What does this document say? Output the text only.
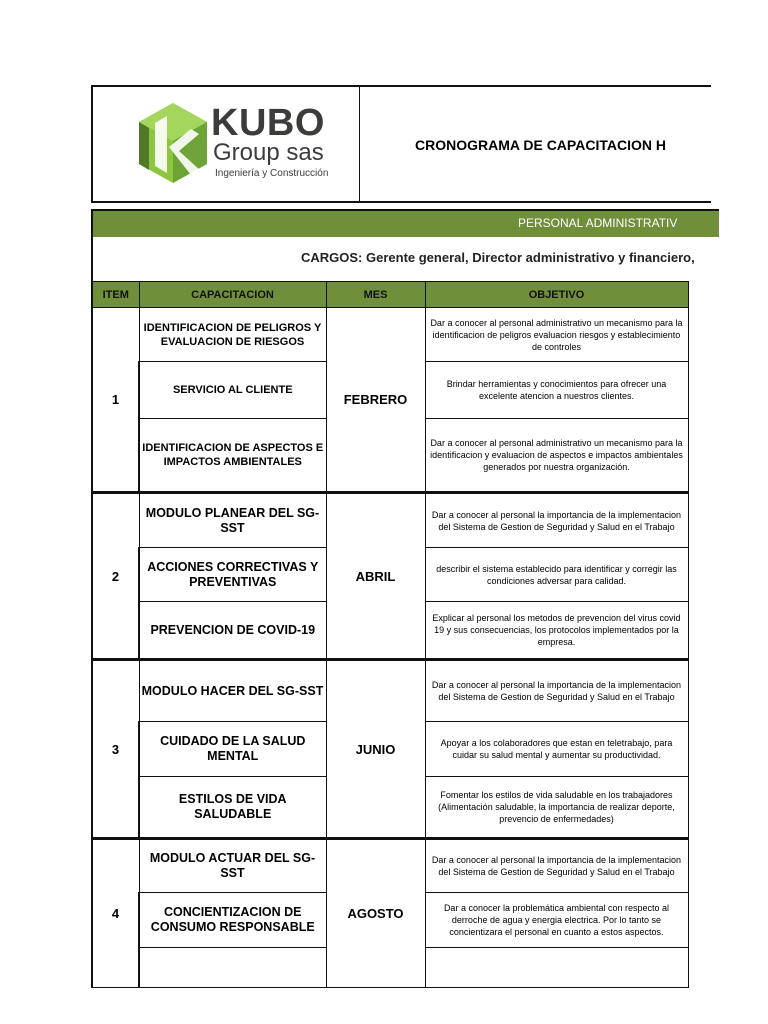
KUBO
Group sas
Ingeniería y Construcción
CRONOGRAMA DE CAPACITACION H
PERSONAL ADMINISTRATIV
CARGOS: Gerente general, Director administrativo y financiero,
ITEM	CAPACITACION	MES	OBJETIVO
1	IDENTIFICACION DE PELIGROS Y EVALUACION DE RIESGOS	FEBRERO	Dar a conocer al personal administrativo un mecanismo para la identificacion de peligros evaluacion riesgos y establecimiento de controles
	SERVICIO AL CLIENTE		Brindar herramientas y conocimientos para ofrecer una excelente atencion a nuestros clientes.
	IDENTIFICACION DE ASPECTOS E IMPACTOS AMBIENTALES		Dar a conocer al personal administrativo un mecanismo para la identificacion y evaluacion de aspectos e impactos ambientales generados por nuestra organización.
2	MODULO PLANEAR DEL SG-SST	ABRIL	Dar a conocer al personal la importancia de la implementacion del Sistema de Gestion de Seguridad y Salud en el Trabajo
	ACCIONES CORRECTIVAS Y PREVENTIVAS		describir el sistema establecido para identificar y corregir las condiciones adversar para calidad.
	PREVENCION DE COVID-19		Explicar al personal los metodos de prevencion del virus covid 19 y sus consecuencias, los protocolos implementados por la empresa.
3	MODULO HACER DEL SG-SST	JUNIO	Dar a conocer al personal la importancia de la implementacion del Sistema de Gestion de Seguridad y Salud en el Trabajo
	CUIDADO DE LA SALUD MENTAL		Apoyar a los colaboradores que estan en teletrabajo, para cuidar su salud mental y aumentar su productividad.
	ESTILOS DE VIDA SALUDABLE		Fomentar los estilos de vida saludable en los trabajadores (Alimentación saludable, la importancia de realizar deporte, prevencio de enfermedades)
4	MODULO ACTUAR DEL SG-SST	AGOSTO	Dar a conocer al personal la importancia de la implementacion del Sistema de Gestion de Seguridad y Salud en el Trabajo
	CONCIENTIZACION DE CONSUMO RESPONSABLE		Dar a conocer la problemática ambiental con respecto al derroche de agua y energia electrica. Por lo tanto se concientizara el personal en cuanto a estos aspectos.
